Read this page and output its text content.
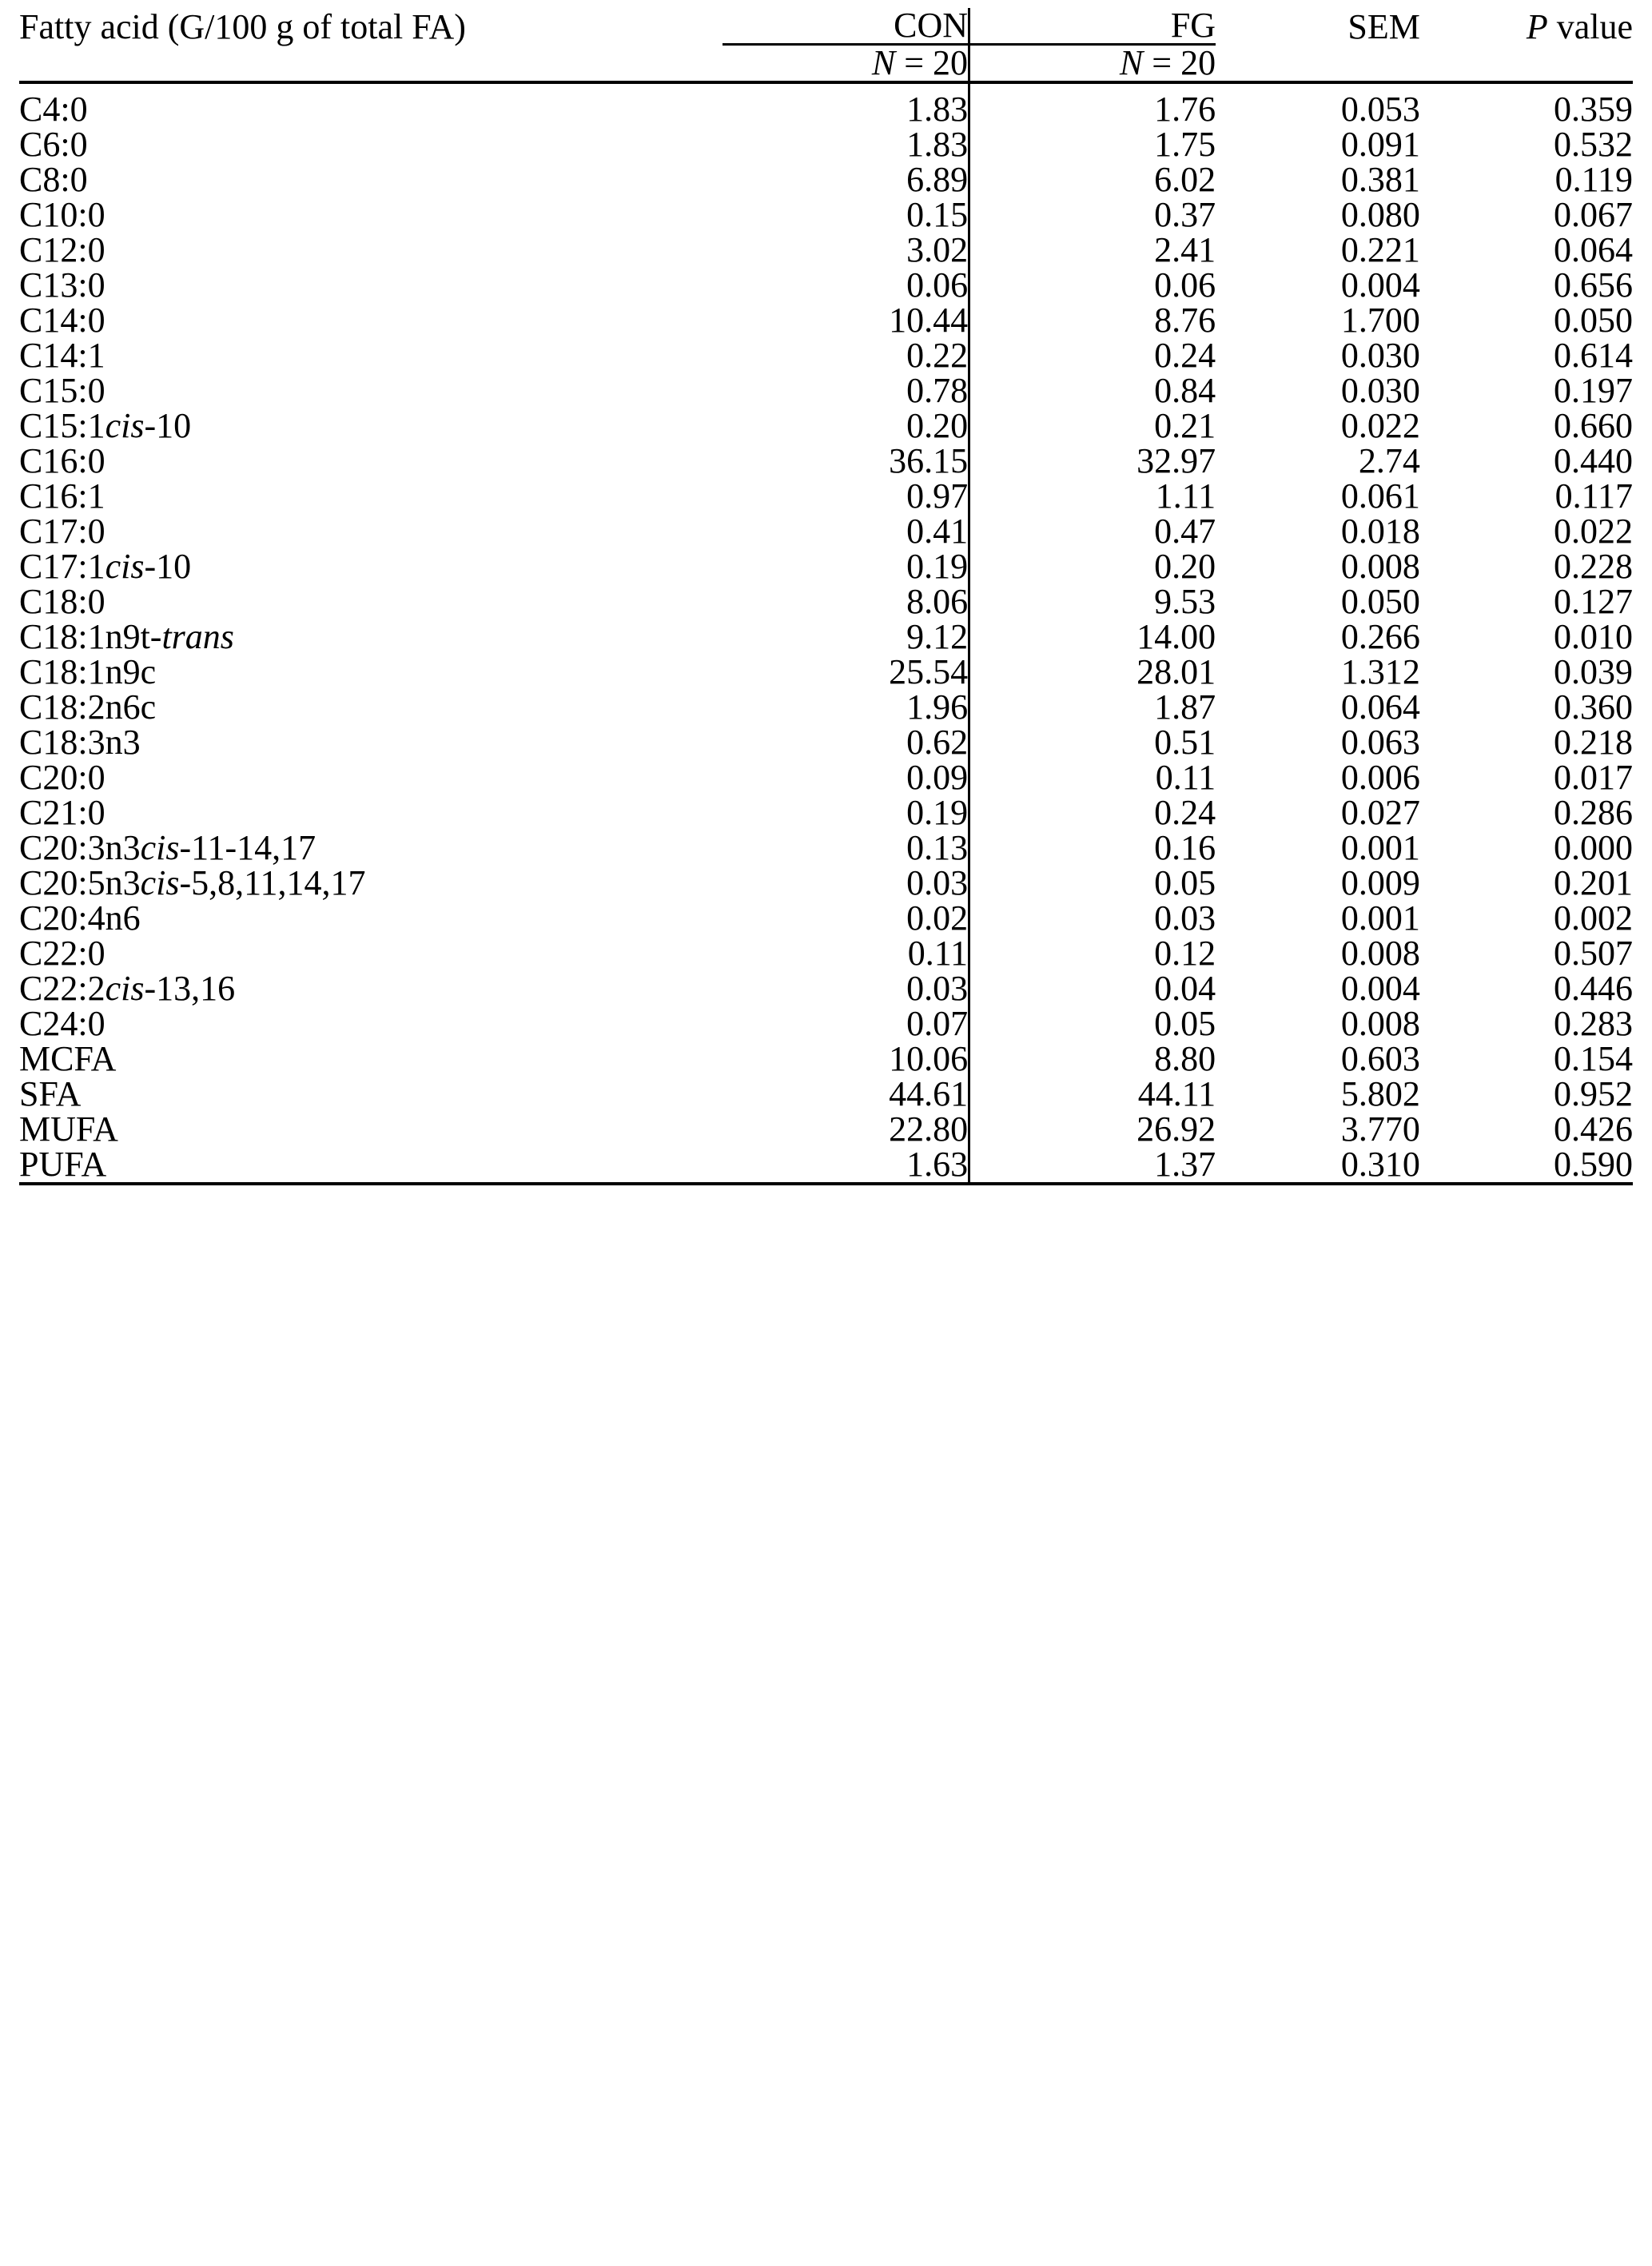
Fatty acid (G/100 g of total FA)	CON	FG	SEM	P value
	N = 20	N = 20		

C4:0	1.83	1.76	0.053	0.359
C6:0	1.83	1.75	0.091	0.532
C8:0	6.89	6.02	0.381	0.119
C10:0	0.15	0.37	0.080	0.067
C12:0	3.02	2.41	0.221	0.064
C13:0	0.06	0.06	0.004	0.656
C14:0	10.44	8.76	1.700	0.050
C14:1	0.22	0.24	0.030	0.614
C15:0	0.78	0.84	0.030	0.197
C15:1cis-10	0.20	0.21	0.022	0.660
C16:0	36.15	32.97	2.74	0.440
C16:1	0.97	1.11	0.061	0.117
C17:0	0.41	0.47	0.018	0.022
C17:1cis-10	0.19	0.20	0.008	0.228
C18:0	8.06	9.53	0.050	0.127
C18:1n9t-trans	9.12	14.00	0.266	0.010
C18:1n9c	25.54	28.01	1.312	0.039
C18:2n6c	1.96	1.87	0.064	0.360
C18:3n3	0.62	0.51	0.063	0.218
C20:0	0.09	0.11	0.006	0.017
C21:0	0.19	0.24	0.027	0.286
C20:3n3cis-11-14,17	0.13	0.16	0.001	0.000
C20:5n3cis-5,8,11,14,17	0.03	0.05	0.009	0.201
C20:4n6	0.02	0.03	0.001	0.002
C22:0	0.11	0.12	0.008	0.507
C22:2cis-13,16	0.03	0.04	0.004	0.446
C24:0	0.07	0.05	0.008	0.283
MCFA	10.06	8.80	0.603	0.154
SFA	44.61	44.11	5.802	0.952
MUFA	22.80	26.92	3.770	0.426
PUFA	1.63	1.37	0.310	0.590
